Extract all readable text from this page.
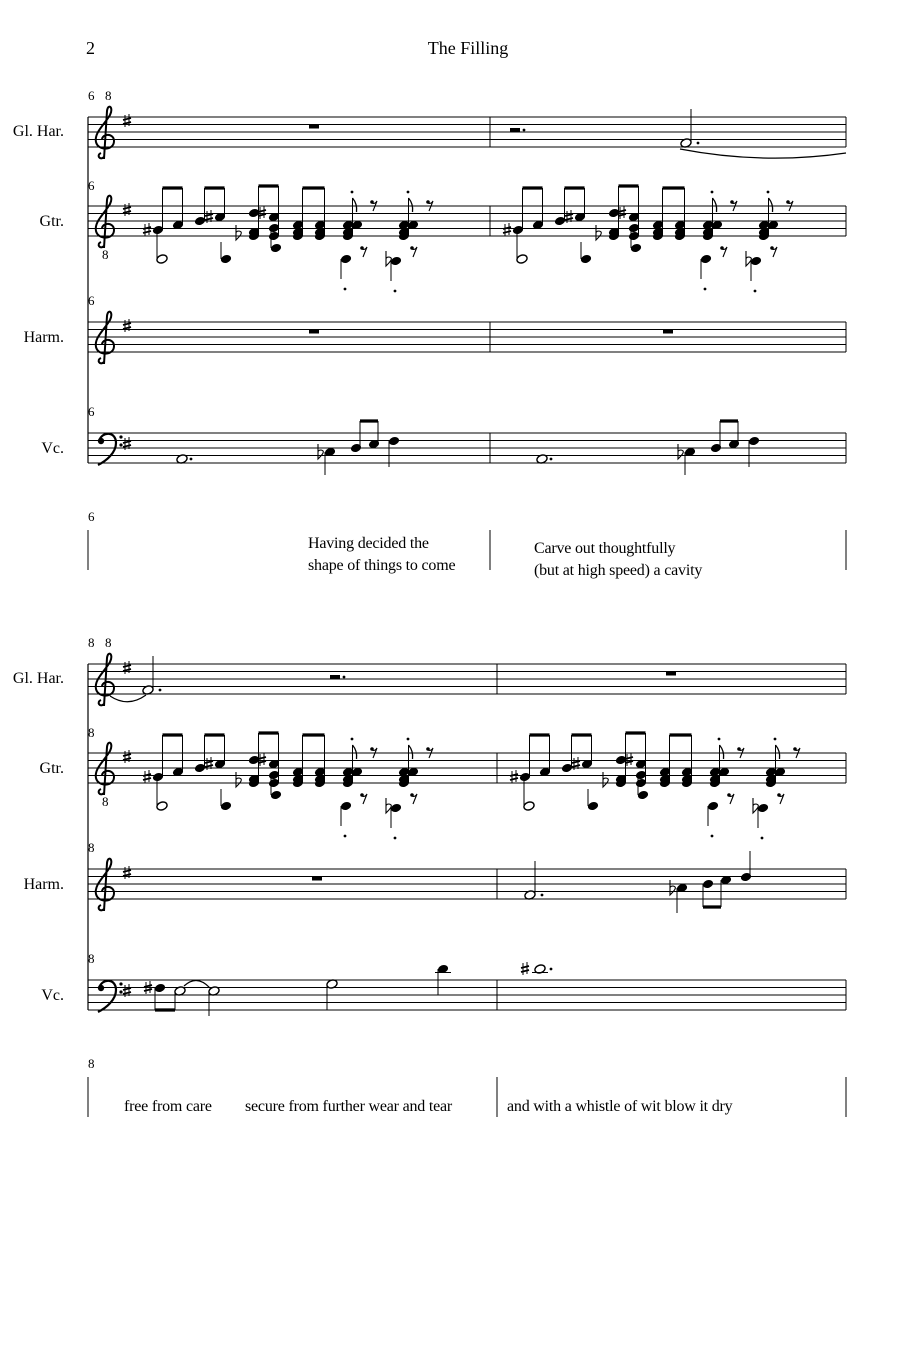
2	The Filling
Gl. Har.
Gtr.
Harm.
Vc.
6
6
6
6
6
8
8
Having decided the
shape of things to come
Carve out thoughtfully
(but at high speed) a cavity
Gl. Har.
Gtr.
Harm.
Vc.
8
8
8
8
8
8
8
free from care secure from further wear and tear	and with a whistle of wit blow it dry
